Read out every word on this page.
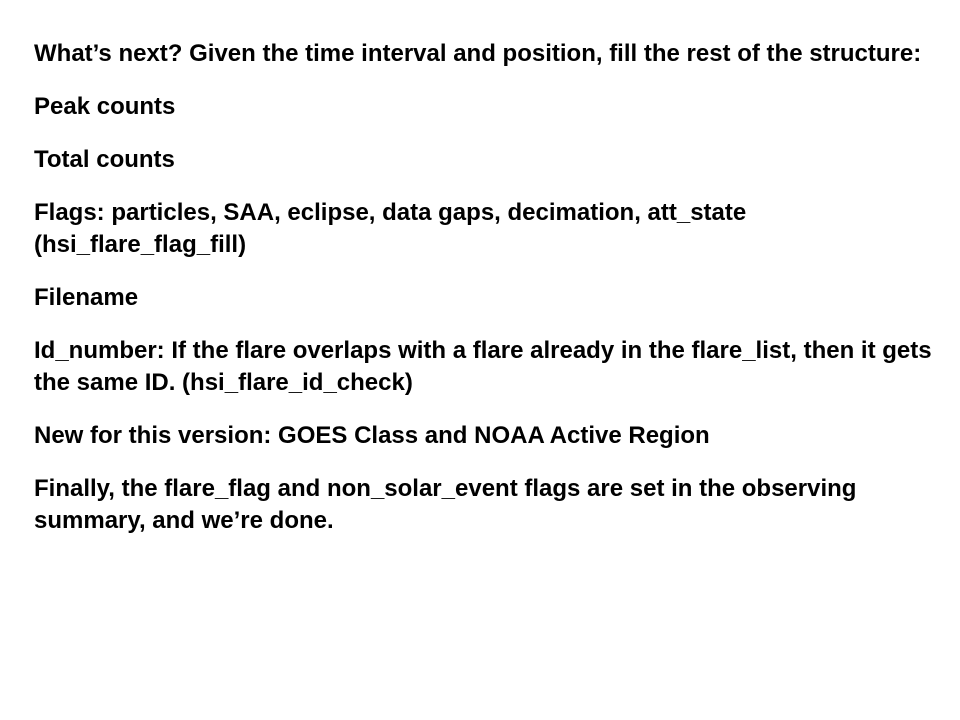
What’s next? Given the time interval and position, fill the rest of the structure:

Peak counts

Total counts

Flags: particles, SAA, eclipse, data gaps, decimation, att_state (hsi_flare_flag_fill)

Filename

Id_number: If the flare overlaps with a flare already in the flare_list, then it gets the same ID. (hsi_flare_id_check)

New for this version: GOES Class and NOAA Active Region

Finally, the flare_flag and non_solar_event flags are set in the observing summary, and we’re done.
